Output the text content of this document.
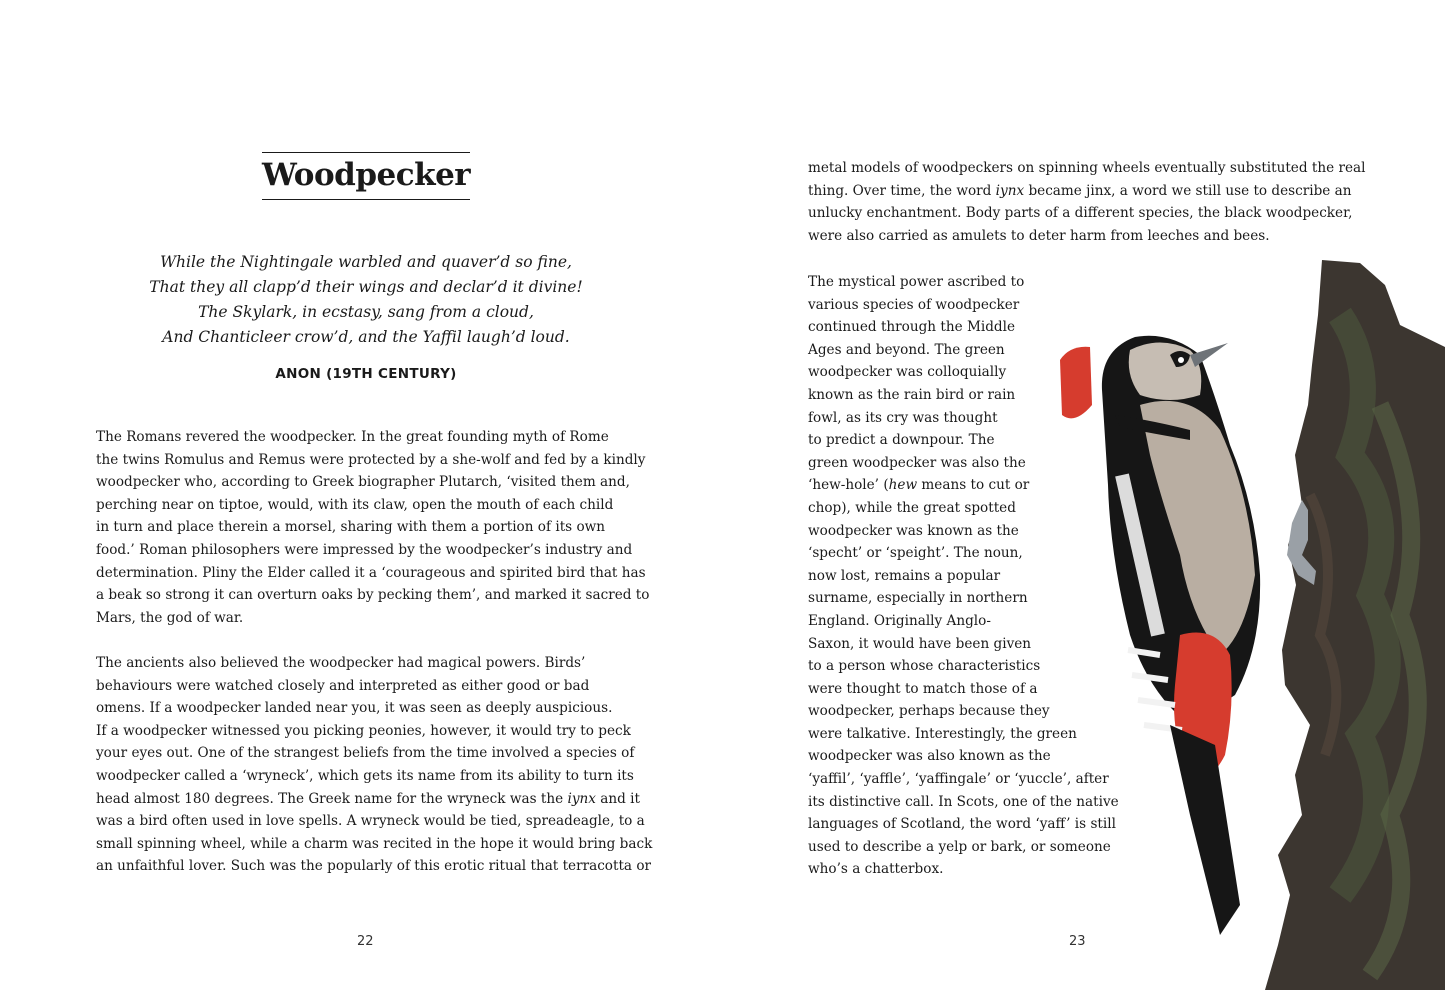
Woodpecker
While the Nightingale warbled and quaver’d so fine,
That they all clapp’d their wings and declar’d it divine!
The Skylark, in ecstasy, sang from a cloud,
And Chanticleer crow’d, and the Yaffil laugh’d loud.
ANON (19TH CENTURY)
The Romans revered the woodpecker. In the great founding myth of Rome
the twins Romulus and Remus were protected by a she-wolf and fed by a kindly
woodpecker who, according to Greek biographer Plutarch, ‘visited them and,
perching near on tiptoe, would, with its claw, open the mouth of each child
in turn and place therein a morsel, sharing with them a portion of its own
food.’ Roman philosophers were impressed by the woodpecker’s industry and
determination. Pliny the Elder called it a ‘courageous and spirited bird that has
a beak so strong it can overturn oaks by pecking them’, and marked it sacred to
Mars, the god of war.
The ancients also believed the woodpecker had magical powers. Birds’
behaviours were watched closely and interpreted as either good or bad
omens. If a woodpecker landed near you, it was seen as deeply auspicious.
If a woodpecker witnessed you picking peonies, however, it would try to peck
your eyes out. One of the strangest beliefs from the time involved a species of
woodpecker called a ‘wryneck’, which gets its name from its ability to turn its
head almost 180 degrees. The Greek name for the wryneck was the iynx and it
was a bird often used in love spells. A wryneck would be tied, spreadeagle, to a
small spinning wheel, while a charm was recited in the hope it would bring back
an unfaithful lover. Such was the popularly of this erotic ritual that terracotta or
22
metal models of woodpeckers on spinning wheels eventually substituted the real
thing. Over time, the word iynx became jinx, a word we still use to describe an
unlucky enchantment. Body parts of a different species, the black woodpecker,
were also carried as amulets to deter harm from leeches and bees.
The mystical power ascribed to
various species of woodpecker
continued through the Middle
Ages and beyond. The green
woodpecker was colloquially
known as the rain bird or rain
fowl, as its cry was thought
to predict a downpour. The
green woodpecker was also the
‘hew-hole’ (hew means to cut or
chop), while the great spotted
woodpecker was known as the
‘specht’ or ‘speight’. The noun,
now lost, remains a popular
surname, especially in northern
England. Originally Anglo-
Saxon, it would have been given
to a person whose characteristics
were thought to match those of a
woodpecker, perhaps because they
were talkative. Interestingly, the green
woodpecker was also known as the
‘yaffil’, ‘yaffle’, ‘yaffingale’ or ‘yuccle’, after
its distinctive call. In Scots, one of the native
languages of Scotland, the word ‘yaff’ is still
used to describe a yelp or bark, or someone
who’s a chatterbox.
23
